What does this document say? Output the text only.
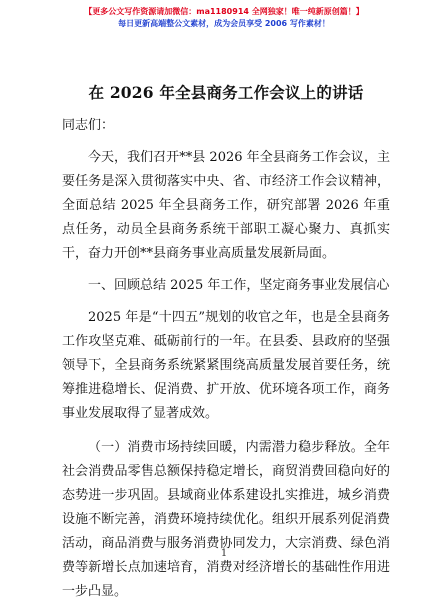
【更多公文写作资源请加微信：ma1180914 全网独家！唯一纯新原创篇！】
每日更新高端整公文素材，成为会员享受 2006 写作素材！
在 2026 年全县商务工作会议上的讲话

同志们：

今天，我们召开**县 2026 年全县商务工作会议，主要任务是深入贯彻落实中央、省、市经济工作会议精神，全面总结 2025 年全县商务工作，研究部署 2026 年重点任务，动员全县商务系统干部职工凝心聚力、真抓实干，奋力开创**县商务事业高质量发展新局面。

一、回顾总结 2025 年工作，坚定商务事业发展信心

2025 年是“十四五”规划的收官之年，也是全县商务工作攻坚克难、砥砺前行的一年。在县委、县政府的坚强领导下，全县商务系统紧紧围绕高质量发展首要任务，统筹推进稳增长、促消费、扩开放、优环境各项工作，商务事业发展取得了显著成效。

（一）消费市场持续回暖，内需潜力稳步释放。全年社会消费品零售总额保持稳定增长，商贸消费回稳向好的态势进一步巩固。县域商业体系建设扎实推进，城乡消费设施不断完善，消费环境持续优化。组织开展系列促消费活动，商品消费与服务消费协同发力，大宗消费、绿色消费等新增长点加速培育，消费对经济增长的基础性作用进一步凸显。

1
